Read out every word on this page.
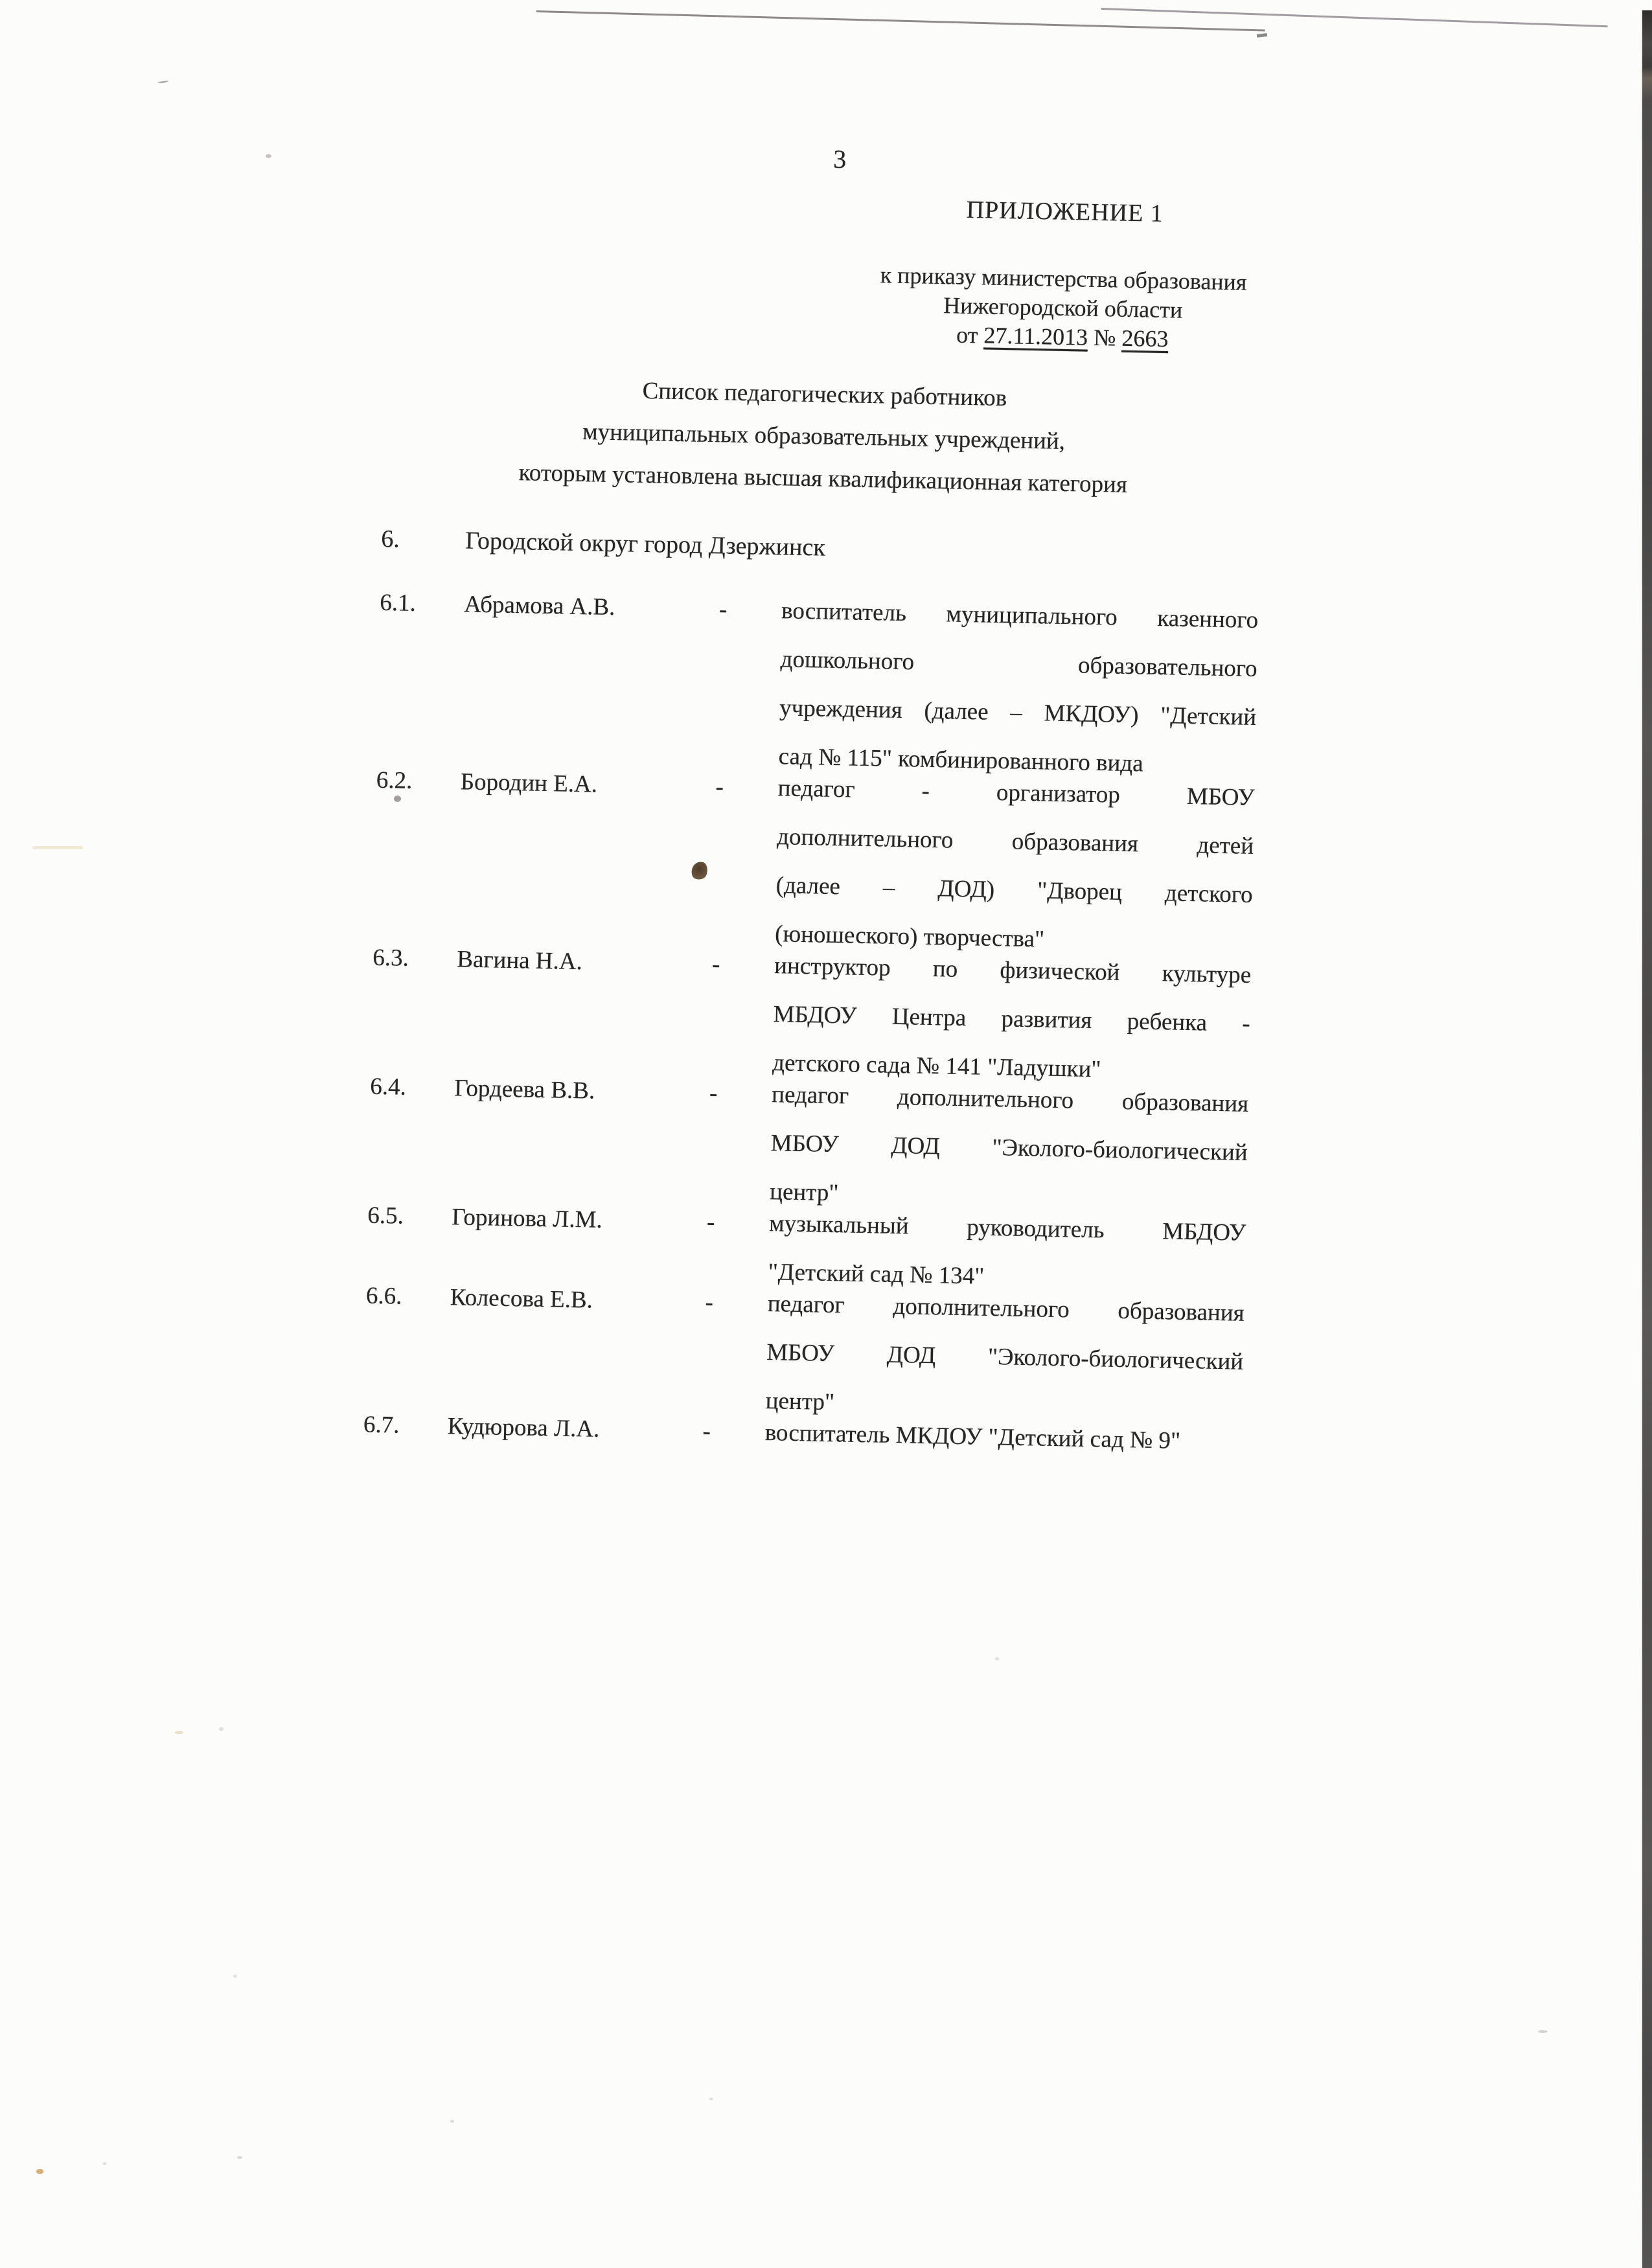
3
ПРИЛОЖЕНИЕ 1
к приказу министерства образования
Нижегородской области
от 27.11.2013 № 2663
Список педагогических работников
муниципальных образовательных учреждений,
которым установлена высшая квалификационная категория
6.	Городской округ город Дзержинск
6.1.	Абрамова А.В.	-	воспитатель муниципального казенного
дошкольного образовательного
учреждения (далее – МКДОУ) "Детский
сад № 115" комбинированного вида
6.2.	Бородин Е.А.	-	педагог - организатор МБОУ
дополнительного образования детей
(далее – ДОД) "Дворец детского
(юношеского) творчества"
6.3.	Вагина Н.А.	-	инструктор по физической культуре
МБДОУ Центра развития ребенка -
детского сада № 141 "Ладушки"
6.4.	Гордеева В.В.	-	педагог дополнительного образования
МБОУ ДОД "Эколого-биологический
центр"
6.5.	Горинова Л.М.	-	музыкальный руководитель МБДОУ
"Детский сад № 134"
6.6.	Колесова Е.В.	-	педагог дополнительного образования
МБОУ ДОД "Эколого-биологический
центр"
6.7.	Кудюрова Л.А.	-	воспитатель МКДОУ "Детский сад № 9"
